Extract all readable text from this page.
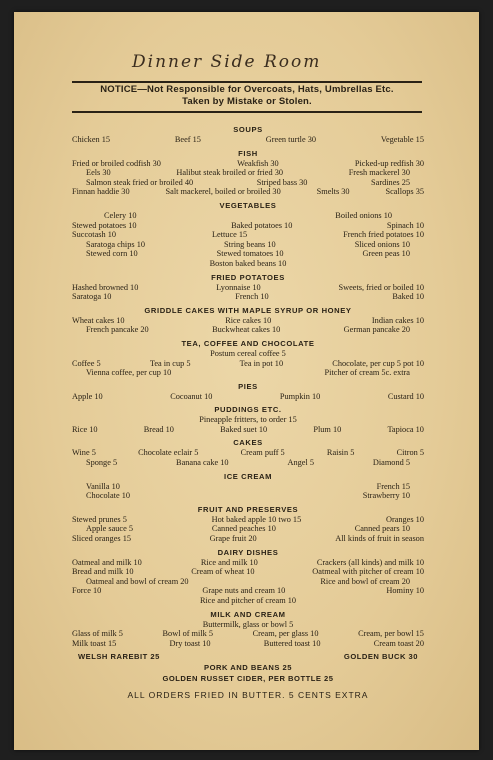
Dinner Side Room
NOTICE—Not Responsible for Overcoats, Hats, Umbrellas Etc.
Taken by Mistake or Stolen.
SOUPS
Chicken 15	Beef 15	Green turtle 30	Vegetable 15
FISH
Fried or broiled codfish 30	Weakfish 30	Picked-up redfish 30
Eels 30	Halibut steak broiled or fried 30	Fresh mackerel 30
Salmon steak fried or broiled 40	Striped bass 30	Sardines 25
Finnan haddie 30	Salt mackerel, boiled or broiled 30	Smelts 30	Scallops 35
VEGETABLES
Celery 10	Boiled onions 10
Stewed potatoes 10	Baked potatoes 10	Spinach 10
Succotash 10	Lettuce 15	French fried potatoes 10
Saratoga chips 10	String beans 10	Sliced onions 10
Stewed corn 10	Stewed tomatoes 10	Green peas 10
Boston baked beans 10
FRIED POTATOES
Hashed browned 10	Lyonnaise 10	Sweets, fried or boiled 10
Saratoga 10	French 10	Baked 10
GRIDDLE CAKES WITH MAPLE SYRUP OR HONEY
Wheat cakes 10	Rice cakes 10	Indian cakes 10
French pancake 20	Buckwheat cakes 10	German pancake 20
TEA, COFFEE AND CHOCOLATE
Postum cereal coffee 5
Coffee 5	Tea in cup 5	Tea in pot 10	Chocolate, per cup 5 pot 10
Vienna coffee, per cup 10	Pitcher of cream 5c. extra
PIES
Apple 10	Cocoanut 10	Pumpkin 10	Custard 10
PUDDINGS ETC.
Pineapple fritters, to order 15
Rice 10	Bread 10	Baked suet 10	Plum 10	Tapioca 10
CAKES
Wine 5	Chocolate eclair 5	Cream puff 5	Raisin 5	Citron 5
Sponge 5	Banana cake 10	Angel 5	Diamond 5
ICE CREAM
Vanilla 10	French 15
Chocolate 10	Strawberry 10
FRUIT AND PRESERVES
Stewed prunes 5	Hot baked apple 10 two 15	Oranges 10
Apple sauce 5	Canned peaches 10	Canned pears 10
Sliced oranges 15	Grape fruit 20	All kinds of fruit in season
DAIRY DISHES
Oatmeal and milk 10	Rice and milk 10	Crackers (all kinds) and milk 10
Bread and milk 10	Cream of wheat 10	Oatmeal with pitcher of cream 10
Oatmeal and bowl of cream 20	Rice and bowl of cream 20
Force 10	Grape nuts and cream 10	Hominy 10
Rice and pitcher of cream 10
MILK AND CREAM
Buttermilk, glass or bowl 5
Glass of milk 5	Bowl of milk 5	Cream, per glass 10	Cream, per bowl 15
Milk toast 15	Dry toast 10	Buttered toast 10	Cream toast 20
WELSH RAREBIT 25	GOLDEN BUCK 30
PORK AND BEANS 25
GOLDEN RUSSET CIDER, PER BOTTLE 25
ALL ORDERS FRIED IN BUTTER. 5 CENTS EXTRA
